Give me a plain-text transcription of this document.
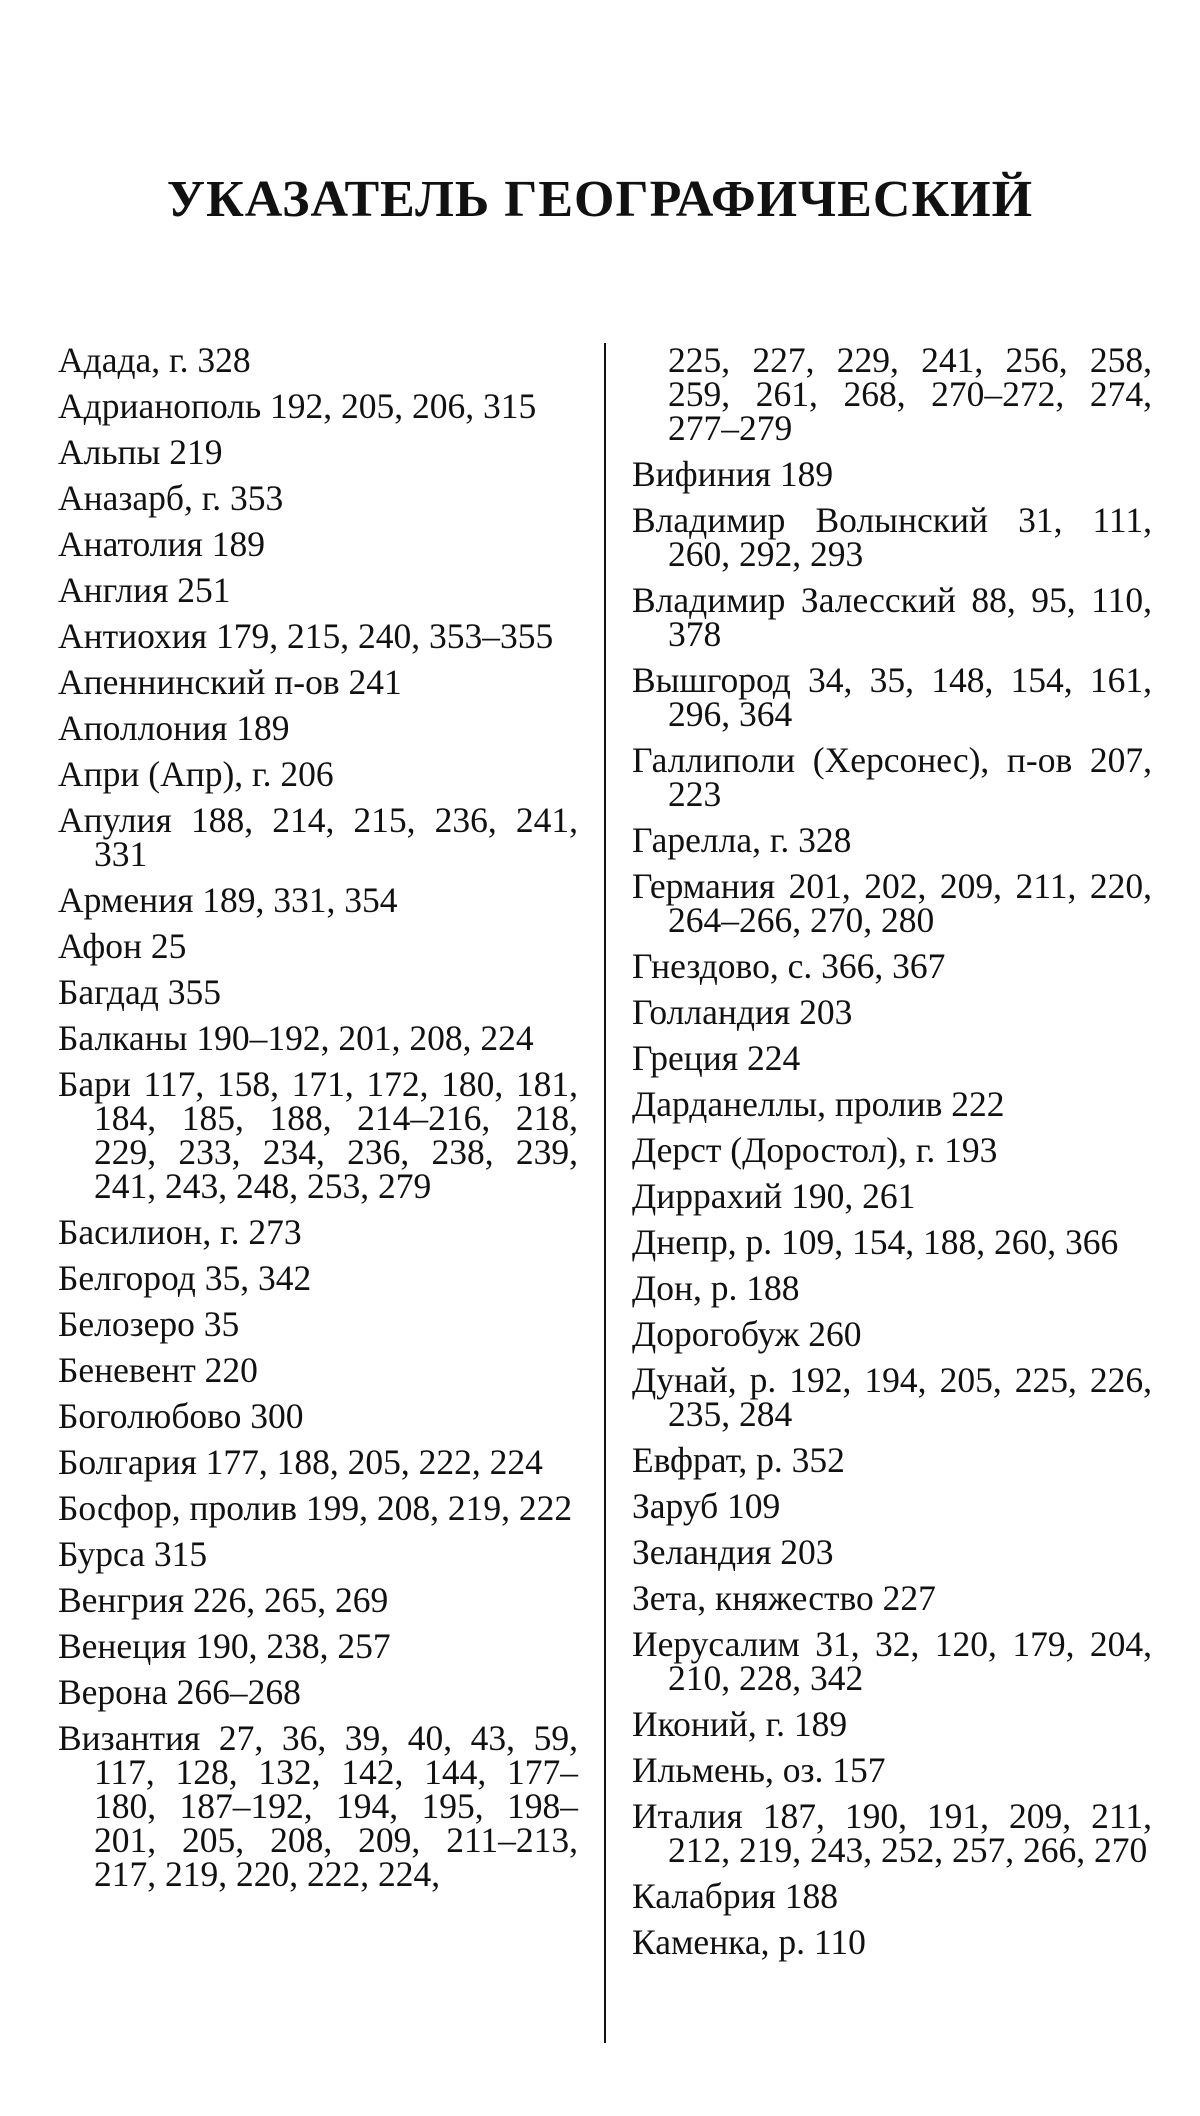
УКАЗАТЕЛЬ ГЕОГРАФИЧЕСКИЙ

Адада, г. 328

Адрианополь 192, 205, 206, 315

Альпы 219

Аназарб, г. 353

Анатолия 189

Англия 251

Антиохия 179, 215, 240, 353–355

Апеннинский п-ов 241

Аполлония 189

Апри (Апр), г. 206

Апулия 188, 214, 215, 236, 241, 331

Армения 189, 331, 354

Афон 25

Багдад 355

Балканы 190–192, 201, 208, 224

Бари 117, 158, 171, 172, 180, 181, 184, 185, 188, 214–216, 218, 229, 233, 234, 236, 238, 239, 241, 243, 248, 253, 279

Басилион, г. 273

Белгород 35, 342

Белозеро 35

Беневент 220

Боголюбово 300

Болгария 177, 188, 205, 222, 224

Босфор, пролив 199, 208, 219, 222

Бурса 315

Венгрия 226, 265, 269

Венеция 190, 238, 257

Верона 266–268

Византия 27, 36, 39, 40, 43, 59, 117, 128, 132, 142, 144, 177–180, 187–192, 194, 195, 198–201, 205, 208, 209, 211–213, 217, 219, 220, 222, 224,

225, 227, 229, 241, 256, 258, 259, 261, 268, 270–272, 274, 277–279

Вифиния 189

Владимир Волынский 31, 111, 260, 292, 293

Владимир Залесский 88, 95, 110, 378

Вышгород 34, 35, 148, 154, 161, 296, 364

Галлиполи (Херсонес), п-ов 207, 223

Гарелла, г. 328

Германия 201, 202, 209, 211, 220, 264–266, 270, 280

Гнездово, с. 366, 367

Голландия 203

Греция 224

Дарданеллы, пролив 222

Дерст (Доростол), г. 193

Диррахий 190, 261

Днепр, р. 109, 154, 188, 260, 366

Дон, р. 188

Дорогобуж 260

Дунай, р. 192, 194, 205, 225, 226, 235, 284

Евфрат, р. 352

Заруб 109

Зеландия 203

Зета, княжество 227

Иерусалим 31, 32, 120, 179, 204, 210, 228, 342

Иконий, г. 189

Ильмень, оз. 157

Италия 187, 190, 191, 209, 211, 212, 219, 243, 252, 257, 266, 270

Калабрия 188

Каменка, р. 110
